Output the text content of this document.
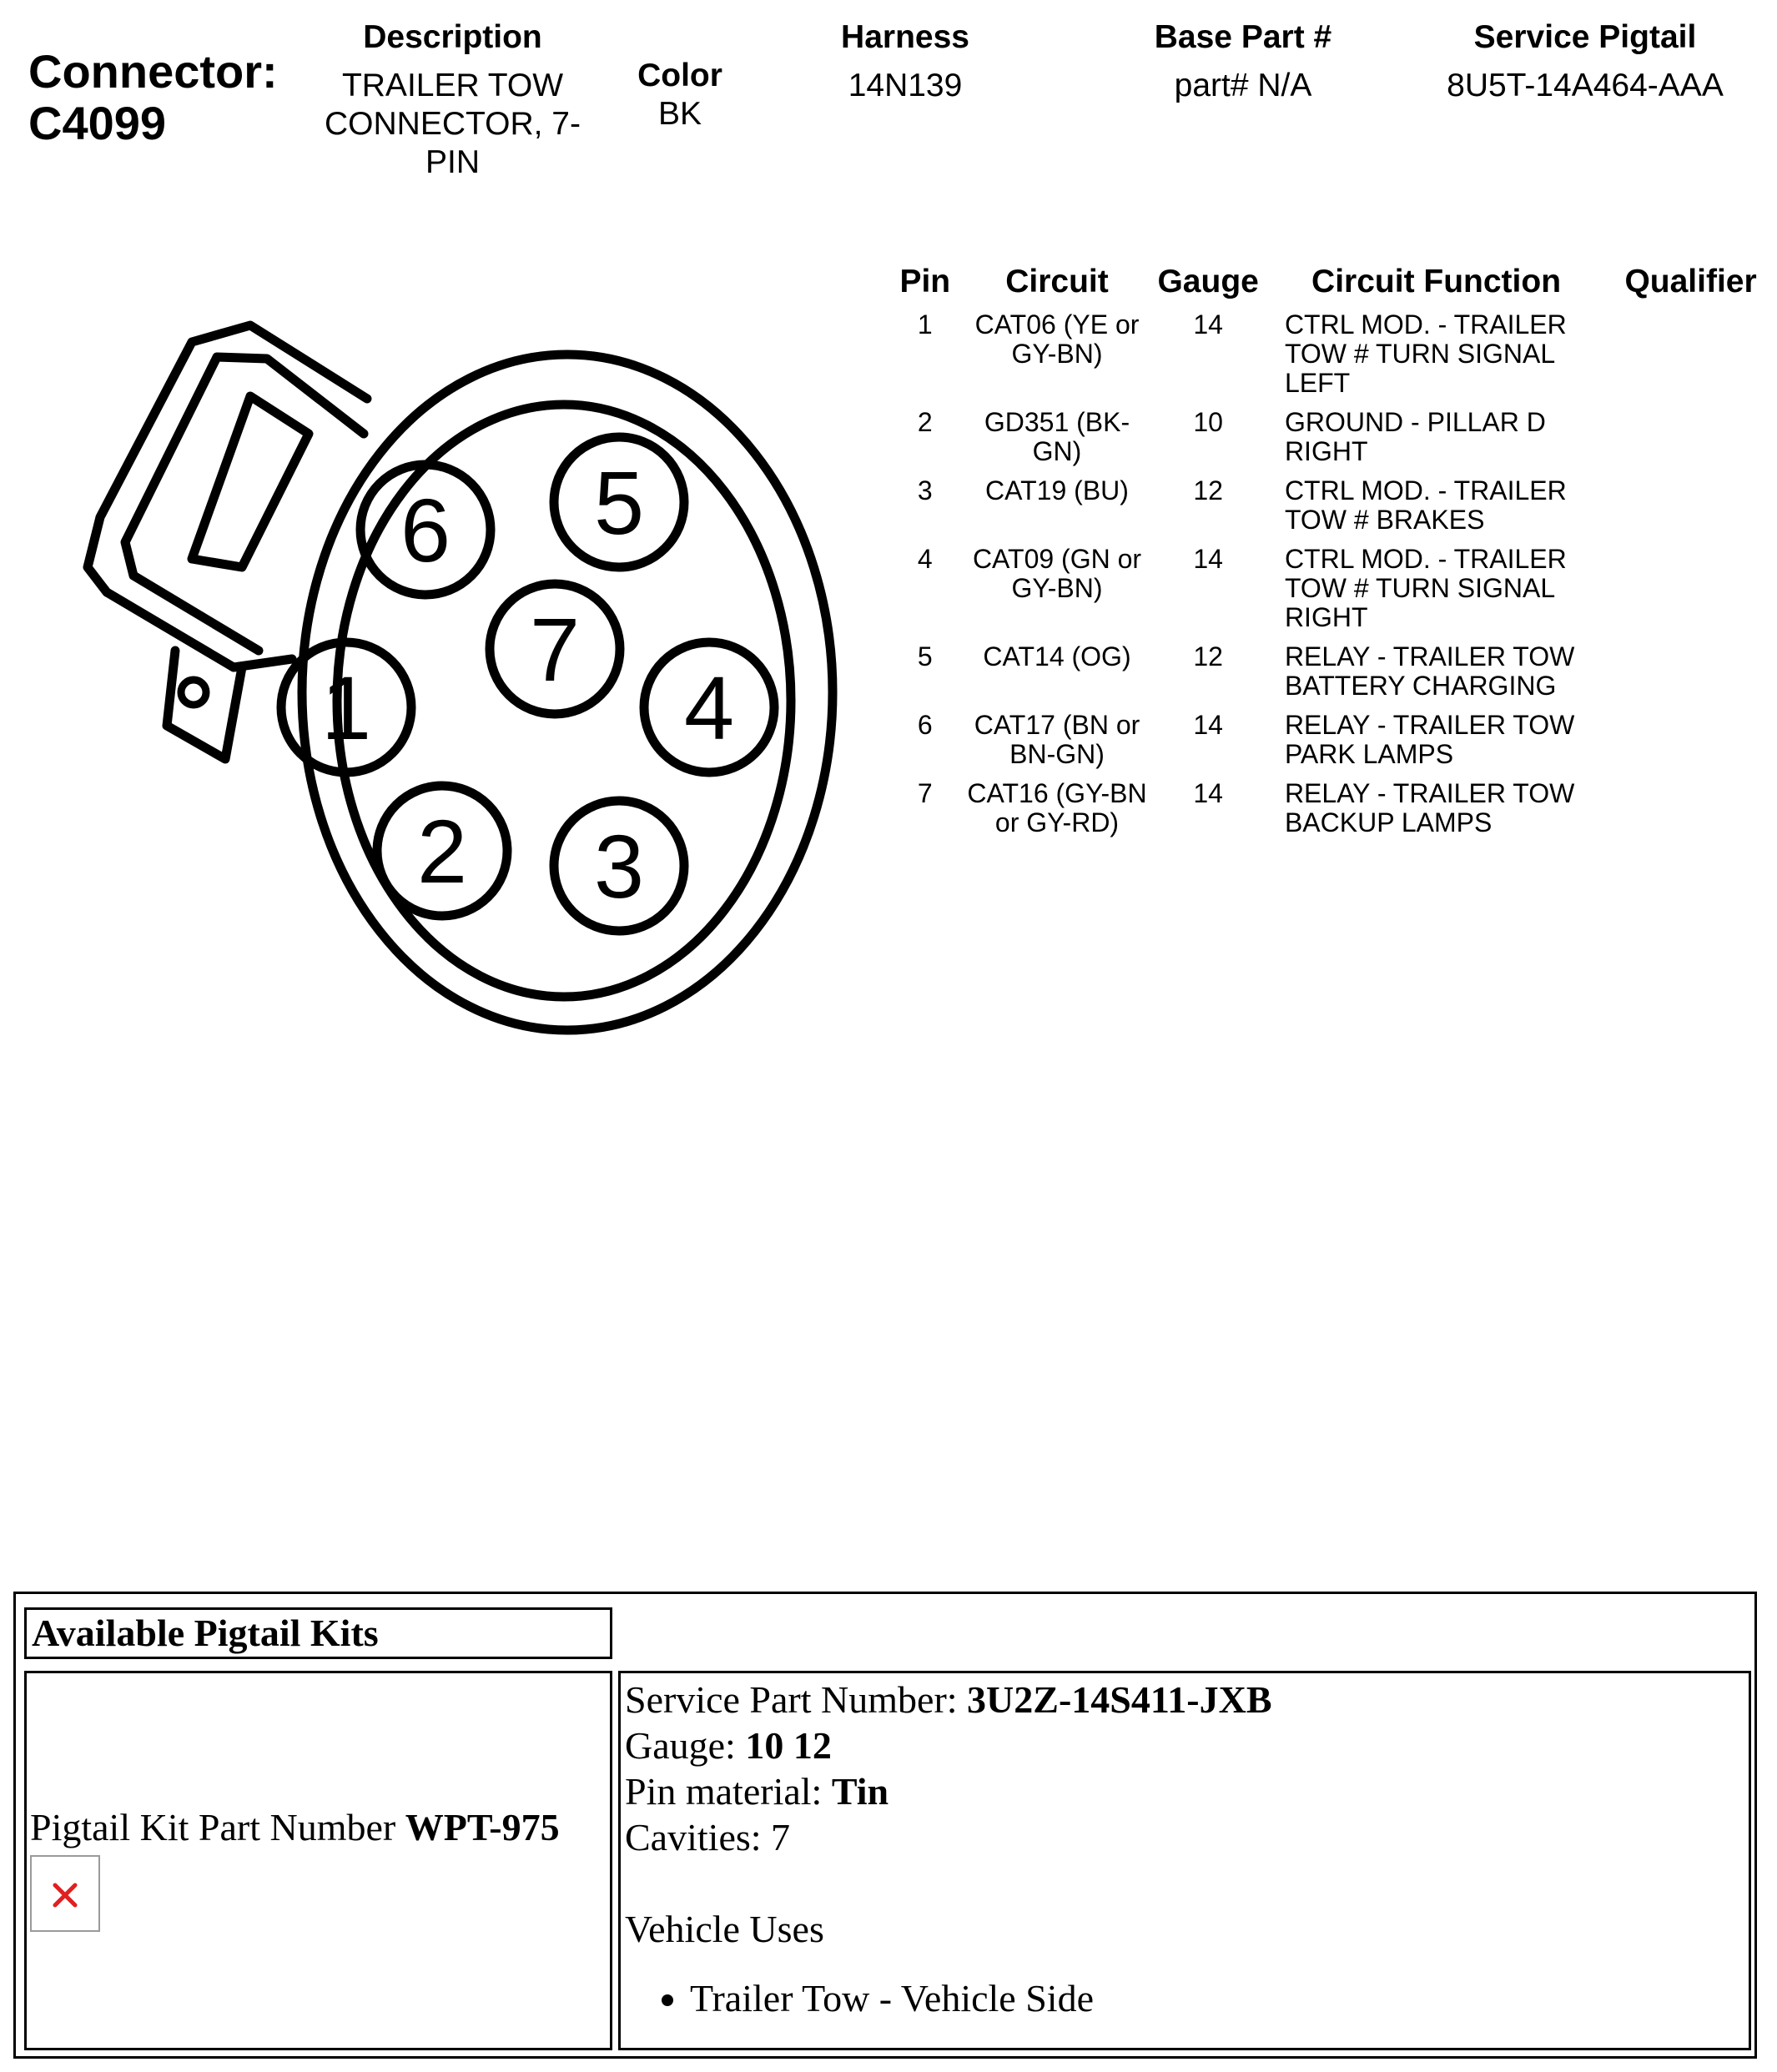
Connector:
C4099
Description
TRAILER TOW CONNECTOR, 7-PIN
Color
BK
Harness
14N139
Base Part #
part# N/A
Service Pigtail
8U5T-14A464-AAA
6 5
7
1	4
2 3
Pin	Circuit	Gauge	Circuit Function	Qualifier
1	CAT06 (YE or GY-BN)	14	CTRL MOD. - TRAILER TOW # TURN SIGNAL LEFT	
2	GD351 (BK-GN)	10	GROUND - PILLAR D RIGHT	
3	CAT19 (BU)	12	CTRL MOD. - TRAILER TOW # BRAKES	
4	CAT09 (GN or GY-BN)	14	CTRL MOD. - TRAILER TOW # TURN SIGNAL RIGHT	
5	CAT14 (OG)	12	RELAY - TRAILER TOW BATTERY CHARGING	
6	CAT17 (BN or BN-GN)	14	RELAY - TRAILER TOW PARK LAMPS	
7	CAT16 (GY-BN or GY-RD)	14	RELAY - TRAILER TOW BACKUP LAMPS	
Available Pigtail Kits
Pigtail Kit Part Number WPT-975
Service Part Number: 3U2Z-14S411-JXB
Gauge: 10 12
Pin material: Tin
Cavities: 7
Vehicle Uses
• Trailer Tow - Vehicle Side
